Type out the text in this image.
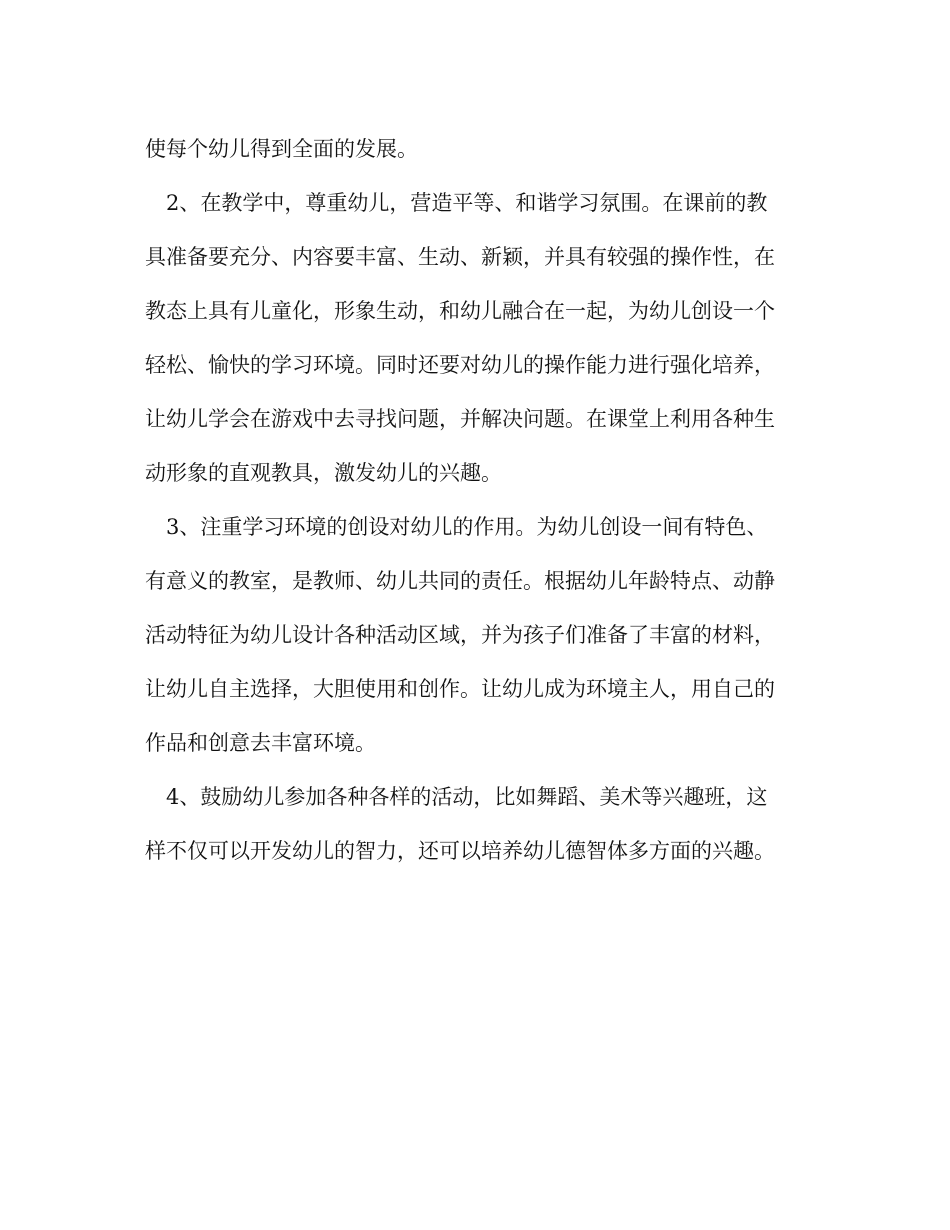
使每个幼儿得到全面的发展。
2、在教学中，尊重幼儿，营造平等、和谐学习氛围。在课前的教
具准备要充分、内容要丰富、生动、新颖，并具有较强的操作性，在
教态上具有儿童化，形象生动，和幼儿融合在一起，为幼儿创设一个
轻松、愉快的学习环境。同时还要对幼儿的操作能力进行强化培养，
让幼儿学会在游戏中去寻找问题，并解决问题。在课堂上利用各种生
动形象的直观教具，激发幼儿的兴趣。
3、注重学习环境的创设对幼儿的作用。为幼儿创设一间有特色、
有意义的教室，是教师、幼儿共同的责任。根据幼儿年龄特点、动静
活动特征为幼儿设计各种活动区域，并为孩子们准备了丰富的材料，
让幼儿自主选择，大胆使用和创作。让幼儿成为环境主人，用自己的
作品和创意去丰富环境。
4、鼓励幼儿参加各种各样的活动，比如舞蹈、美术等兴趣班，这
样不仅可以开发幼儿的智力，还可以培养幼儿德智体多方面的兴趣。
